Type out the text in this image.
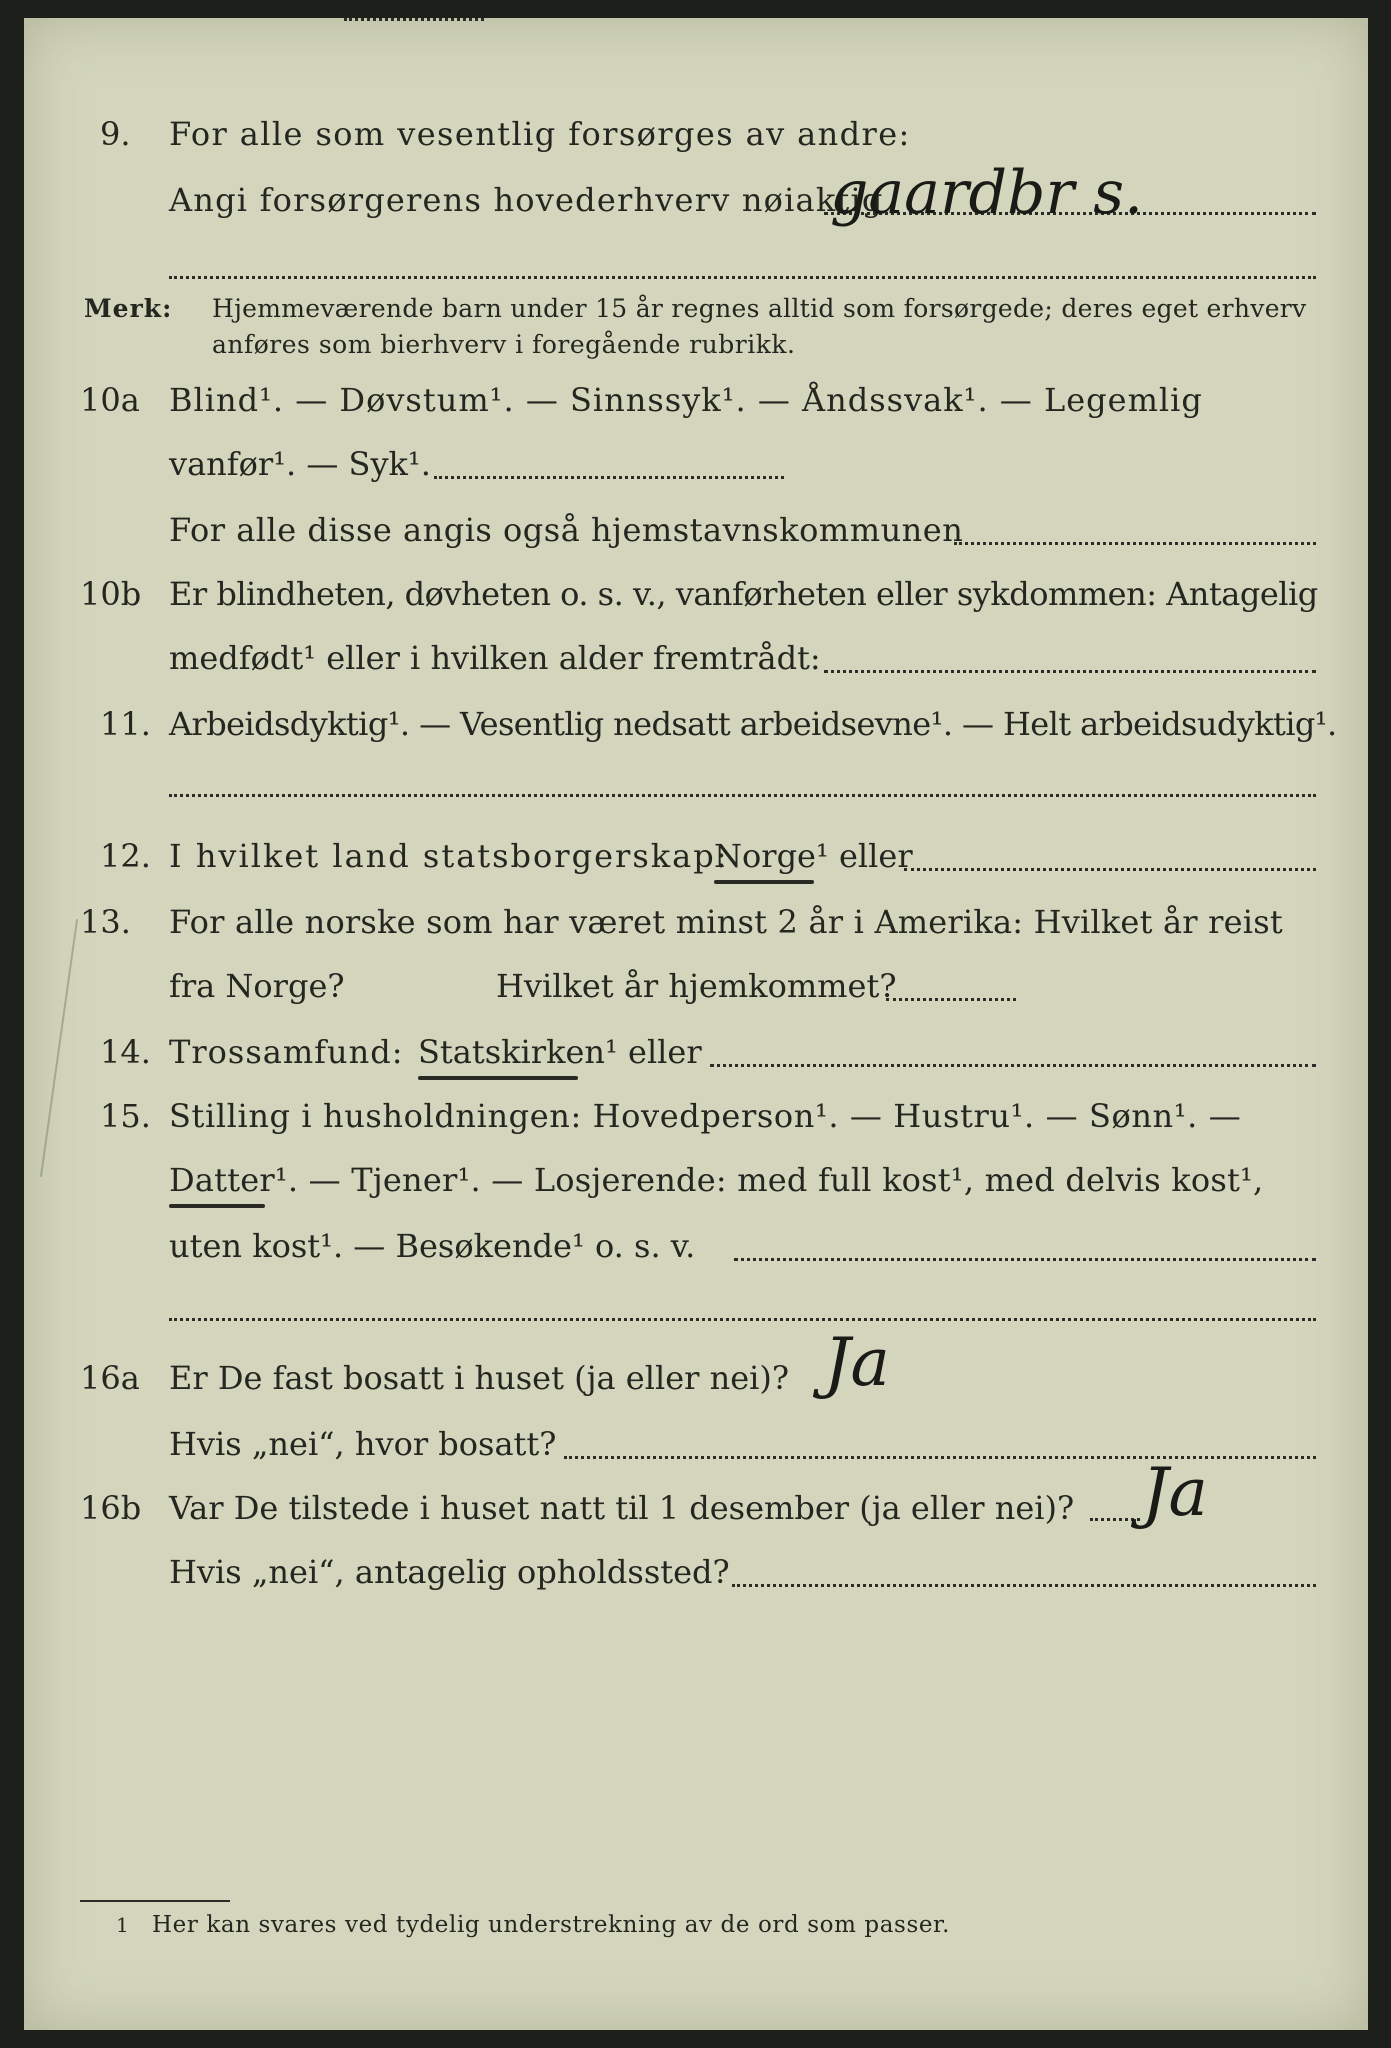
9. For alle som vesentlig forsørges av andre:
Angi forsørgerens hovederhverv nøiaktig
gaardbr s.
Merk: Hjemmeværende barn under 15 år regnes alltid som forsørgede; deres eget erhverv
anføres som bierhverv i foregående rubrikk.
10a Blind¹. — Døvstum¹. — Sinnssyk¹. — Åndssvak¹. — Legemlig
vanfør¹. — Syk¹.
For alle disse angis også hjemstavnskommunen
10b Er blindheten, døvheten o. s. v., vanførheten eller sykdommen: Antagelig
medfødt¹ eller i hvilken alder fremtrådt:
11. Arbeidsdyktig¹. — Vesentlig nedsatt arbeidsevne¹. — Helt arbeidsudyktig¹.
12. I hvilket land statsborgerskap:
Norge¹ eller
13. For alle norske som har været minst 2 år i Amerika: Hvilket år reist
fra Norge?	Hvilket år hjemkommet?
14. Trossamfund: Statskirken¹ eller
15. Stilling i husholdningen: Hovedperson¹. — Hustru¹. — Sønn¹. —
Datter¹. — Tjener¹. — Losjerende: med full kost¹, med delvis kost¹,
uten kost¹. — Besøkende¹ o. s. v.
16a Er De fast bosatt i huset (ja eller nei)? Ja
Hvis „nei“, hvor bosatt?
16b Var De tilstede i huset natt til 1 desember (ja eller nei)? Ja
Hvis „nei“, antagelig opholdssted?
1 Her kan svares ved tydelig understrekning av de ord som passer.
